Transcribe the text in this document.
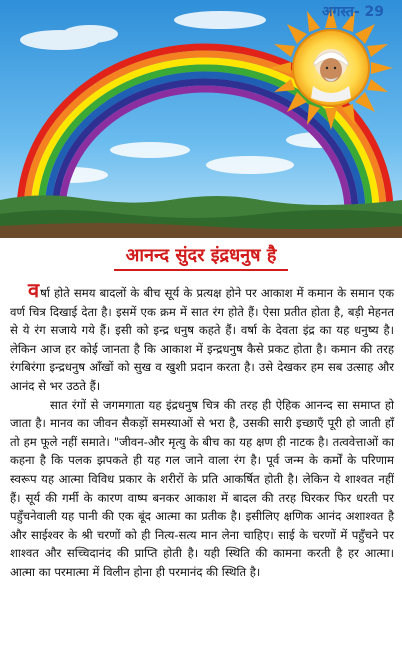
अगस्त- 29
आनन्द सुंदर इंद्रधनुष है

वर्षा होते समय बादलों के बीच सूर्य के प्रत्यक्ष होने पर आकाश में कमान के समान एक वर्ण चित्र दिखाई देता है। इसमें एक क्रम में सात रंग होते हैं। ऐसा प्रतीत होता है, बड़ी मेहनत से ये रंग सजाये गये हैं। इसी को इन्द्र धनुष कहते हैं। वर्षा के देवता इंद्र का यह धनुष्य है। लेकिन आज हर कोई जानता है कि आकाश में इन्द्रधनुष कैसे प्रकट होता है। कमान की तरह रंगबिरंगा इन्द्रधनुष आँखों को सुख व खुशी प्रदान करता है। उसे देखकर हम सब उत्साह और आनंद से भर उठते हैं।

सात रंगों से जगमगाता यह इंद्रधनुष चित्र की तरह ही ऐहिक आनन्द सा समाप्त हो जाता है। मानव का जीवन सैकड़ों समस्याओं से भरा है, उसकी सारी इच्छाएँ पूरी हो जाती हाँ तो हम फूले नहीं समाते। "जीवन-और मृत्यु के बीच का यह क्षण ही नाटक है। तत्ववेत्ताओं का कहना है कि पलक झपकते ही यह गल जाने वाला रंग है। पूर्व जन्म के कर्मों के परिणाम स्वरूप यह आत्मा विविध प्रकार के शरीरों के प्रति आकर्षित होती है। लेकिन ये शाश्वत नहीं हैं। सूर्य की गर्मी के कारण वाष्प बनकर आकाश में बादल की तरह घिरकर फिर धरती पर पहुँचनेवाली यह पानी की एक बूंद आत्मा का प्रतीक है। इसीलिए क्षणिक आनंद अशाश्वत है और साईश्वर के श्री चरणों को ही नित्य-सत्य मान लेना चाहिए। साई के चरणों में पहुँचने पर शाश्वत और सच्चिदानंद की प्राप्ति होती है। यही स्थिति की कामना करती है हर आत्मा। आत्मा का परमात्मा में विलीन होना ही परमानंद की स्थिति है।
